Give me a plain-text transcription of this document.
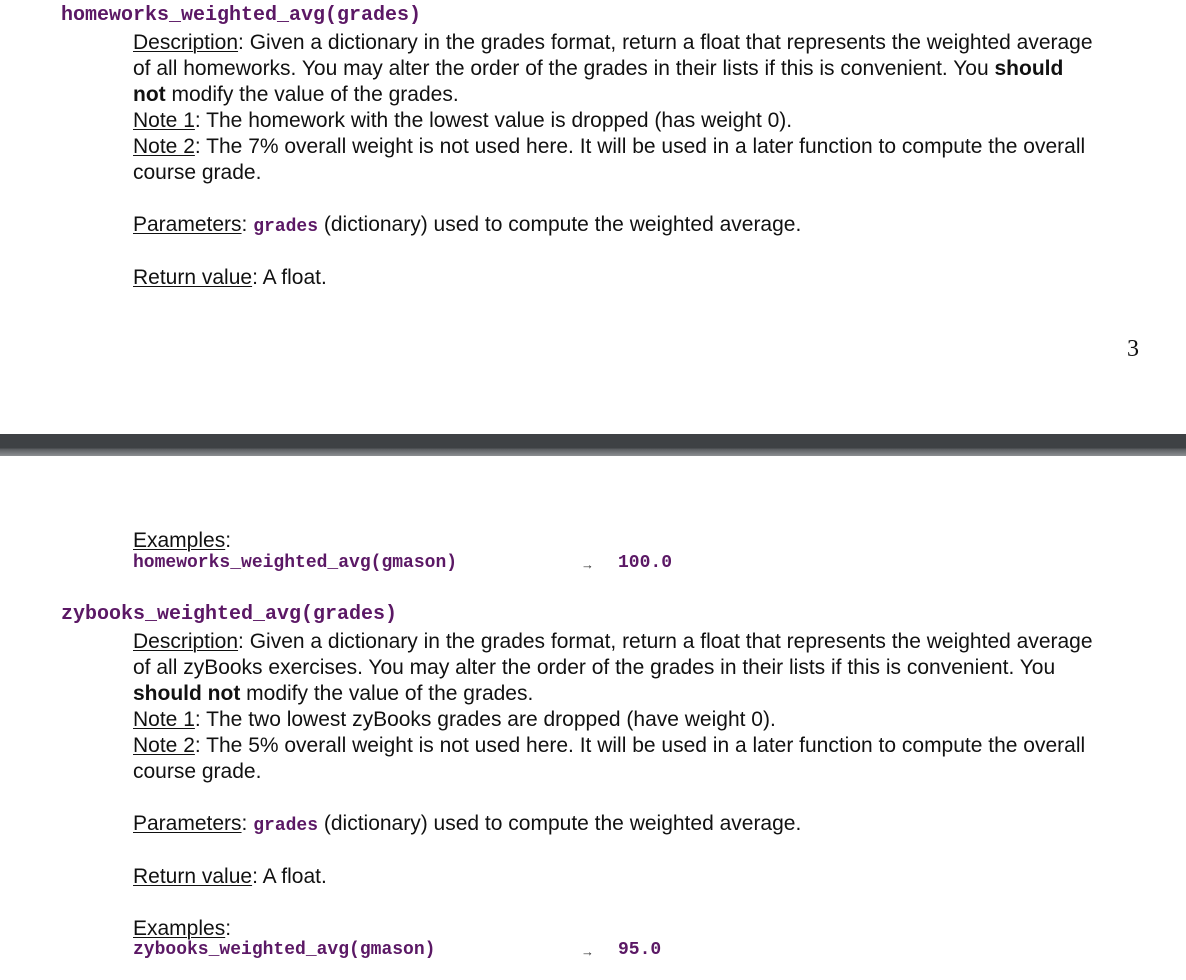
homeworks_weighted_avg(grades)
Description: Given a dictionary in the grades format, return a float that represents the weighted average
of all homeworks. You may alter the order of the grades in their lists if this is convenient. You should
not modify the value of the grades.
Note 1: The homework with the lowest value is dropped (has weight 0).
Note 2: The 7% overall weight is not used here. It will be used in a later function to compute the overall
course grade.
Parameters: grades (dictionary) used to compute the weighted average.
Return value: A float.
3
Examples:
homeworks_weighted_avg(gmason)	→ 100.0
zybooks_weighted_avg(grades)
Description: Given a dictionary in the grades format, return a float that represents the weighted average
of all zyBooks exercises. You may alter the order of the grades in their lists if this is convenient. You
should not modify the value of the grades.
Note 1: The two lowest zyBooks grades are dropped (have weight 0).
Note 2: The 5% overall weight is not used here. It will be used in a later function to compute the overall
course grade.
Parameters: grades (dictionary) used to compute the weighted average.
Return value: A float.
Examples:
zybooks_weighted_avg(gmason)	→ 95.0
